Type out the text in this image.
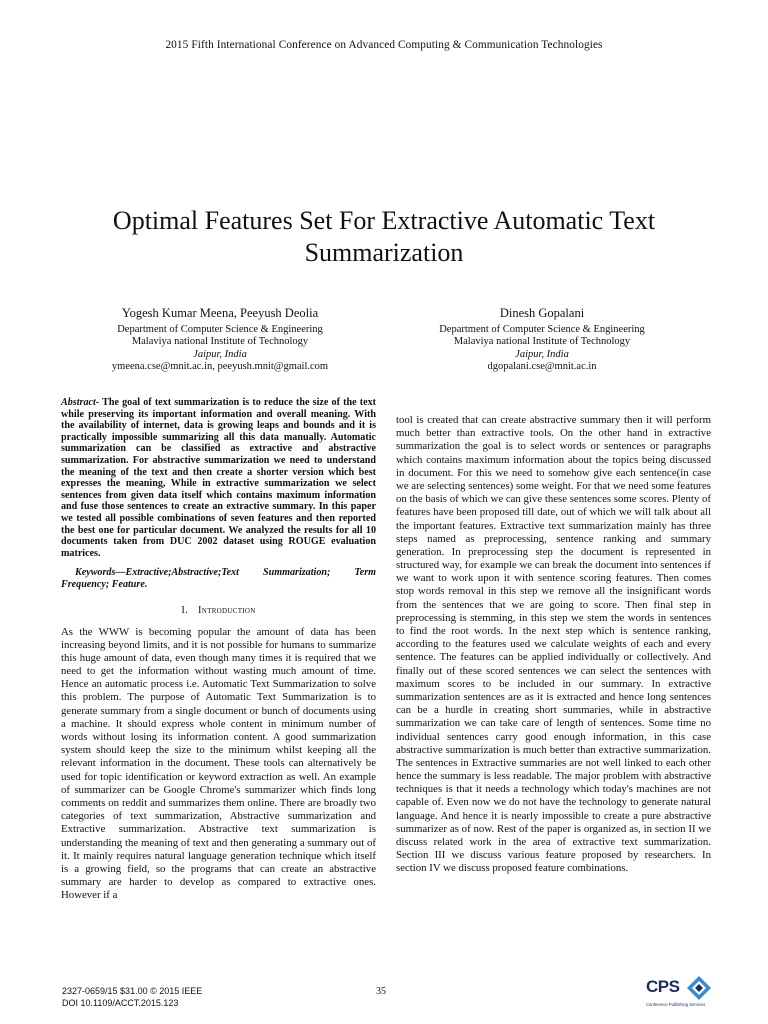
2015 Fifth International Conference on Advanced Computing & Communication Technologies
Optimal Features Set For Extractive Automatic Text Summarization
Yogesh Kumar Meena, Peeyush Deolia
Department of Computer Science & Engineering
Malaviya national Institute of Technology
Jaipur, India
ymeena.cse@mnit.ac.in, peeyush.mnit@gmail.com
Dinesh Gopalani
Department of Computer Science & Engineering
Malaviya national Institute of Technology
Jaipur, India
dgopalani.cse@mnit.ac.in

Abstract- The goal of text summarization is to reduce the size of the text while preserving its important information and overall meaning. With the availability of internet, data is growing leaps and bounds and it is practically impossible summarizing all this data manually. Automatic summarization can be classified as extractive and abstractive summarization. For abstractive summarization we need to understand the meaning of the text and then create a shorter version which best expresses the meaning, While in extractive summarization we select sentences from given data itself which contains maximum information and fuse those sentences to create an extractive summary. In this paper we tested all possible combinations of seven features and then reported the best one for particular document. We analyzed the results for all 10 documents taken from DUC 2002 dataset using ROUGE evaluation matrices.

Keywords—Extractive;Abstractive;Text Summarization; Term Frequency; Feature.

I. Introduction

As the WWW is becoming popular the amount of data has been increasing beyond limits, and it is not possible for humans to summarize this huge amount of data, even though many times it is required that we need to get the information without wasting much amount of time. Hence an automatic process i.e. Automatic Text Summarization to solve this problem. The purpose of Automatic Text Summarization is to generate summary from a single document or bunch of documents using a machine. It should express whole content in minimum number of words without losing its information content. A good summarization system should keep the size to the minimum whilst keeping all the relevant information in the document. These tools can alternatively be used for topic identification or keyword extraction as well. An example of summarizer can be Google Chrome's summarizer which finds long comments on reddit and summarizes them online. There are broadly two categories of text summarization, Abstractive summarization and Extractive summarization. Abstractive text summarization is understanding the meaning of text and then generating a summary out of it. It mainly requires natural language generation technique which itself is a growing field, so the programs that can create an abstractive summary are harder to develop as compared to extractive ones. However if a

tool is created that can create abstractive summary then it will perform much better than extractive tools. On the other hand in extractive summarization the goal is to select words or sentences or paragraphs which contains maximum information about the topics being discussed in document. For this we need to somehow give each sentence(in case we are selecting sentences) some weight. For that we need some features on the basis of which we can give these sentences some scores. Plenty of features have been proposed till date, out of which we will talk about all the important features. Extractive text summarization mainly has three steps named as preprocessing, sentence ranking and summary generation. In preprocessing step the document is represented in structured way, for example we can break the document into sentences if we want to work upon it with sentence scoring features. Then comes stop words removal in this step we remove all the insignificant words from the sentences that we are going to score. Then final step in preprocessing is stemming, in this step we stem the words in sentences to find the root words. In the next step which is sentence ranking, according to the features used we calculate weights of each and every sentence. The features can be applied individually or collectively. And finally out of these scored sentences we can select the sentences with maximum scores to be included in our summary. In extractive summarization sentences are as it is extracted and hence long sentences can be a hurdle in creating short summaries, while in abstractive summarization we can take care of length of sentences. Some time no individual sentences carry good enough information, in this case abstractive summarization is much better than extractive summarization. The sentences in Extractive summaries are not well linked to each other hence the summary is less readable. The major problem with abstractive techniques is that it needs a technology which today's machines are not capable of. Even now we do not have the technology to generate natural language. And hence it is nearly impossible to create a pure abstractive summarizer as of now. Rest of the paper is organized as, in section II we discuss related work in the area of extractive text summarization. Section III we discuss various feature proposed by researchers. In section IV we discuss proposed feature combinations.

2327-0659/15 $31.00 © 2015 IEEE
DOI 10.1109/ACCT.2015.123
35	CPS
Conference Publishing Services
